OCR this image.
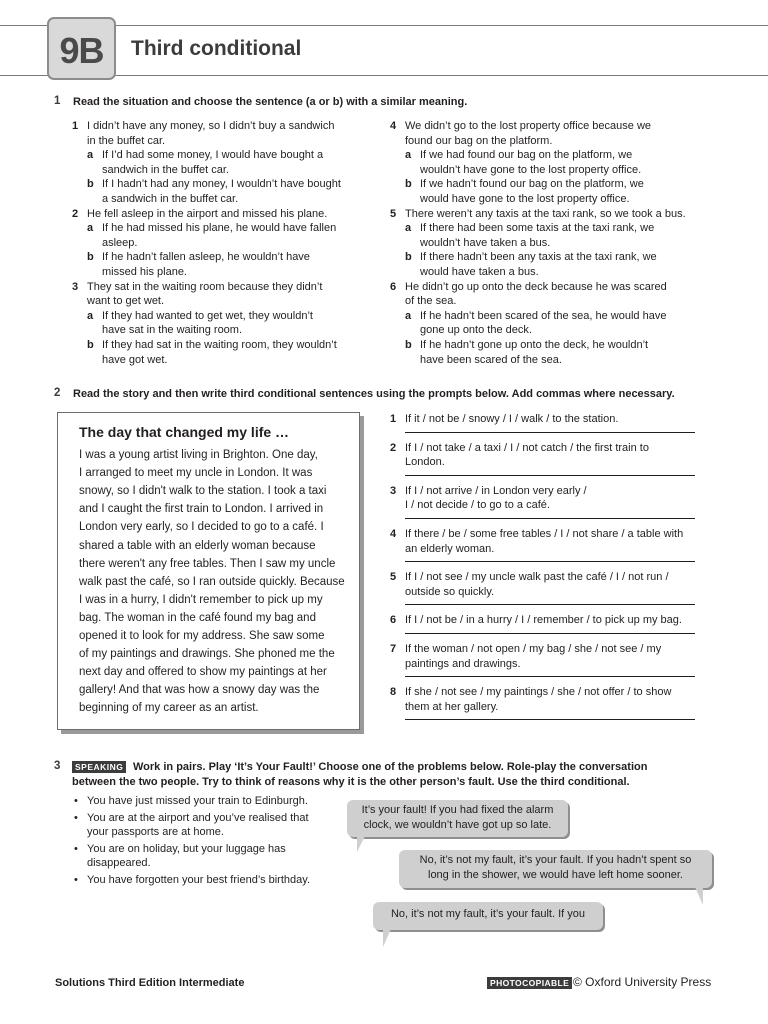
9B	Third conditional
1 Read the situation and choose the sentence (a or b) with a similar meaning.
1 I didn’t have any money, so I didn’t buy a sandwich
in the buffet car.
a If I’d had some money, I would have bought a
sandwich in the buffet car.
b If I hadn’t had any money, I wouldn’t have bought
a sandwich in the buffet car.
2 He fell asleep in the airport and missed his plane.
a If he had missed his plane, he would have fallen
asleep.
b If he hadn’t fallen asleep, he wouldn’t have
missed his plane.
3 They sat in the waiting room because they didn’t
want to get wet.
a If they had wanted to get wet, they wouldn’t
have sat in the waiting room.
b If they had sat in the waiting room, they wouldn’t
have got wet.
4 We didn’t go to the lost property office because we
found our bag on the platform.
a If we had found our bag on the platform, we
wouldn’t have gone to the lost property office.
b If we hadn’t found our bag on the platform, we
would have gone to the lost property office.
5 There weren’t any taxis at the taxi rank, so we took a bus.
a If there had been some taxis at the taxi rank, we
wouldn’t have taken a bus.
b If there hadn’t been any taxis at the taxi rank, we
would have taken a bus.
6 He didn’t go up onto the deck because he was scared
of the sea.
a If he hadn’t been scared of the sea, he would have
gone up onto the deck.
b If he hadn’t gone up onto the deck, he wouldn’t
have been scared of the sea.
2 Read the story and then write third conditional sentences using the prompts below. Add commas where necessary.
The day that changed my life …
I was a young artist living in Brighton. One day,
I arranged to meet my uncle in London. It was
snowy, so I didn't walk to the station. I took a taxi
and I caught the first train to London. I arrived in
London very early, so I decided to go to a café. I
shared a table with an elderly woman because
there weren't any free tables. Then I saw my uncle
walk past the café, so I ran outside quickly. Because
I was in a hurry, I didn't remember to pick up my
bag. The woman in the café found my bag and
opened it to look for my address. She saw some
of my paintings and drawings. She phoned me the
next day and offered to show my paintings at her
gallery! And that was how a snowy day was the
beginning of my career as an artist.
1 If it / not be / snowy / I / walk / to the station.
2 If I / not take / a taxi / I / not catch / the first train to
London.
3 If I / not arrive / in London very early /
I / not decide / to go to a café.
4 If there / be / some free tables / I / not share / a table with
an elderly woman.
5 If I / not see / my uncle walk past the café / I / not run /
outside so quickly.
6 If I / not be / in a hurry / I / remember / to pick up my bag.
7 If the woman / not open / my bag / she / not see / my
paintings and drawings.
8 If she / not see / my paintings / she / not offer / to show
them at her gallery.
3	SPEAKING Work in pairs. Play ‘It’s Your Fault!’ Choose one of the problems below. Role-play the conversation
between the two people. Try to think of reasons why it is the other person’s fault. Use the third conditional.
• You have just missed your train to Edinburgh.
• You are at the airport and you’ve realised that
your passports are at home.
• You are on holiday, but your luggage has
disappeared.
• You have forgotten your best friend’s birthday.
It’s your fault! If you had fixed the alarm
clock, we wouldn’t have got up so late.
No, it’s not my fault, it’s your fault. If you hadn’t spent so
long in the shower, we would have left home sooner.
No, it’s not my fault, it’s your fault. If you
Solutions Third Edition Intermediate	PHOTOCOPIABLE © Oxford University Press
